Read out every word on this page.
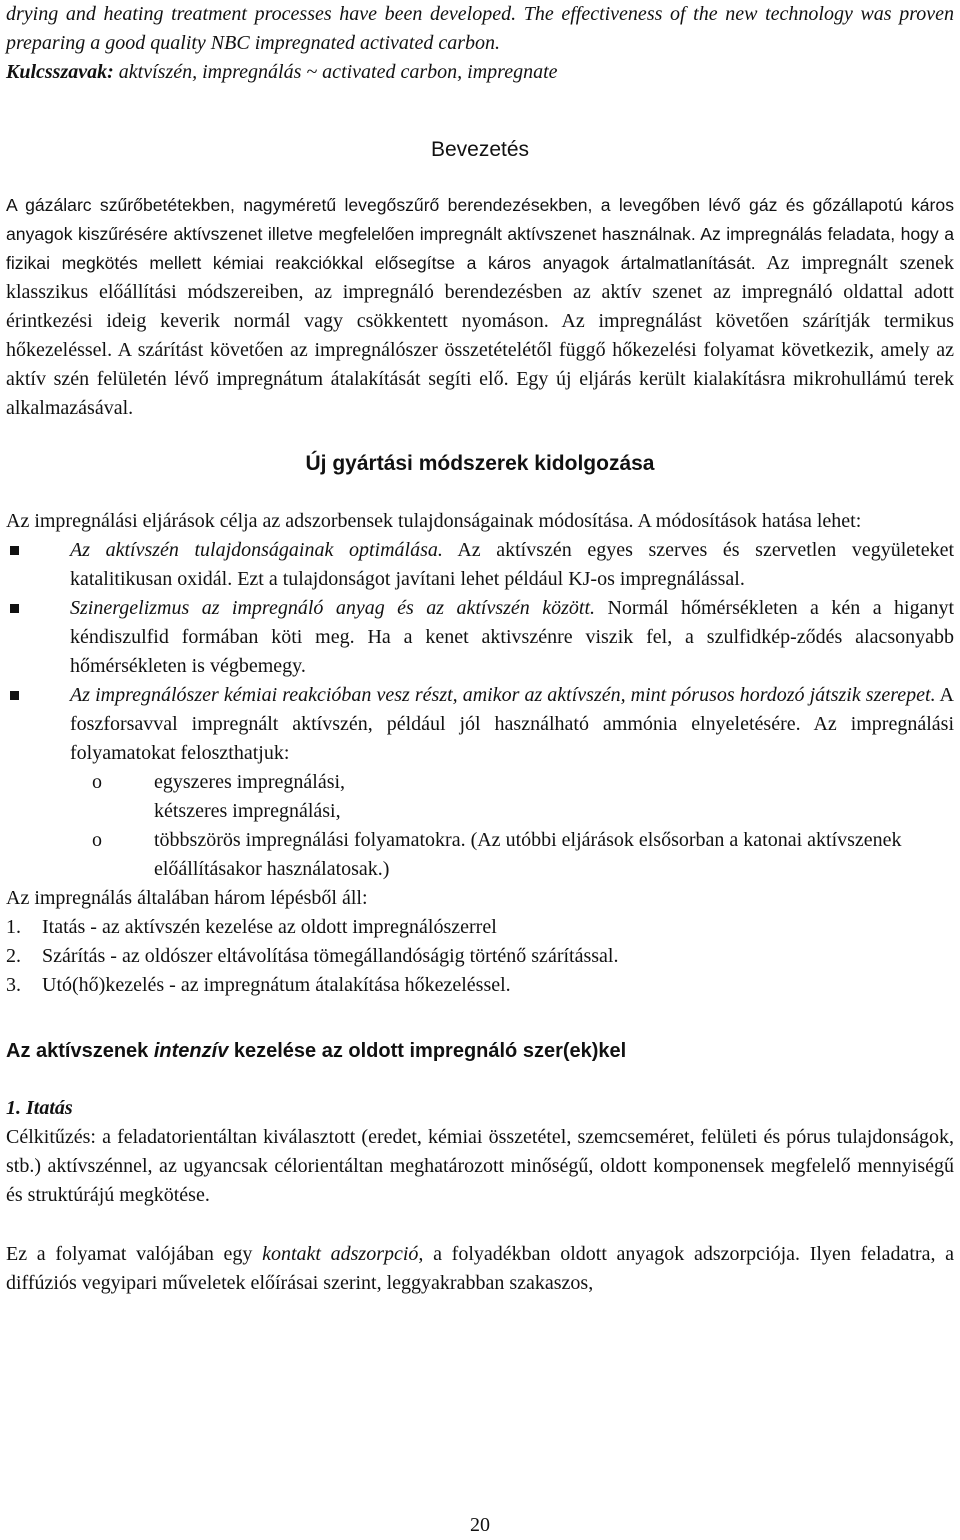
drying and heating treatment processes have been developed. The effectiveness of the new technology was proven preparing a good quality NBC impregnated activated carbon.

Kulcsszavak: aktvíszén, impregnálás ~ activated carbon, impregnate

Bevezetés

A gázálarc szűrőbetétekben, nagyméretű levegőszűrő berendezésekben, a levegőben lévő gáz és gőzállapotú káros anyagok kiszűrésére aktívszenet illetve megfelelően impregnált aktívszenet használnak. Az impregnálás feladata, hogy a fizikai megkötés mellett kémiai reakciókkal elősegítse a káros anyagok ártalmatlanítását. Az impregnált szenek klasszikus előállítási módszereiben, az impregnáló berendezésben az aktív szenet az impregnáló oldattal adott érintkezési ideig keverik normál vagy csökkentett nyomáson. Az impregnálást követően szárítják termikus hőkezeléssel. A szárítást követően az impregnálószer összetételétől függő hőkezelési folyamat következik, amely az aktív szén felületén lévő impregnátum átalakítását segíti elő. Egy új eljárás került kialakításra mikrohullámú terek alkalmazásával.

Új gyártási módszerek kidolgozása

Az impregnálási eljárások célja az adszorbensek tulajdonságainak módosítása. A módosítások hatása lehet:

Az aktívszén tulajdonságainak optimálása. Az aktívszén egyes szerves és szervetlen vegyületeket katalitikusan oxidál. Ezt a tulajdonságot javítani lehet például KJ-os impregnálással.
Szinergelizmus az impregnáló anyag és az aktívszén között. Normál hőmérsékleten a kén a higanyt kéndiszulfid formában köti meg. Ha a kenet aktivszénre viszik fel, a szulfidkép-ződés alacsonyabb hőmérsékleten is végbemegy.
Az impregnálószer kémiai reakcióban vesz részt, amikor az aktívszén, mint pórusos hordozó játszik szerepet. A foszforsavval impregnált aktívszén, például jól használható ammónia elnyeletésére. Az impregnálási folyamatokat feloszthatjuk:
o	egyszeres impregnálási,
kétszeres impregnálási,
o	többszörös impregnálási folyamatokra. (Az utóbbi eljárások elsősorban a katonai aktívszenek előállításakor használatosak.)

Az impregnálás általában három lépésből áll:

1. Itatás - az aktívszén kezelése az oldott impregnálószerrel
2. Szárítás - az oldószer eltávolítása tömegállandóságig történő szárítással.
3. Utó(hő)kezelés - az impregnátum átalakítása hőkezeléssel.

Az aktívszenek intenzív kezelése az oldott impregnáló szer(ek)kel

1. Itatás

Célkitűzés: a feladatorientáltan kiválasztott (eredet, kémiai összetétel, szemcseméret, felületi és pórus tulajdonságok, stb.) aktívszénnel, az ugyancsak célorientáltan meghatározott minőségű, oldott komponensek megfelelő mennyiségű és struktúrájú megkötése.

Ez a folyamat valójában egy kontakt adszorpció, a folyadékban oldott anyagok adszorpciója. Ilyen feladatra, a diffúziós vegyipari műveletek előírásai szerint, leggyakrabban szakaszos,

20
